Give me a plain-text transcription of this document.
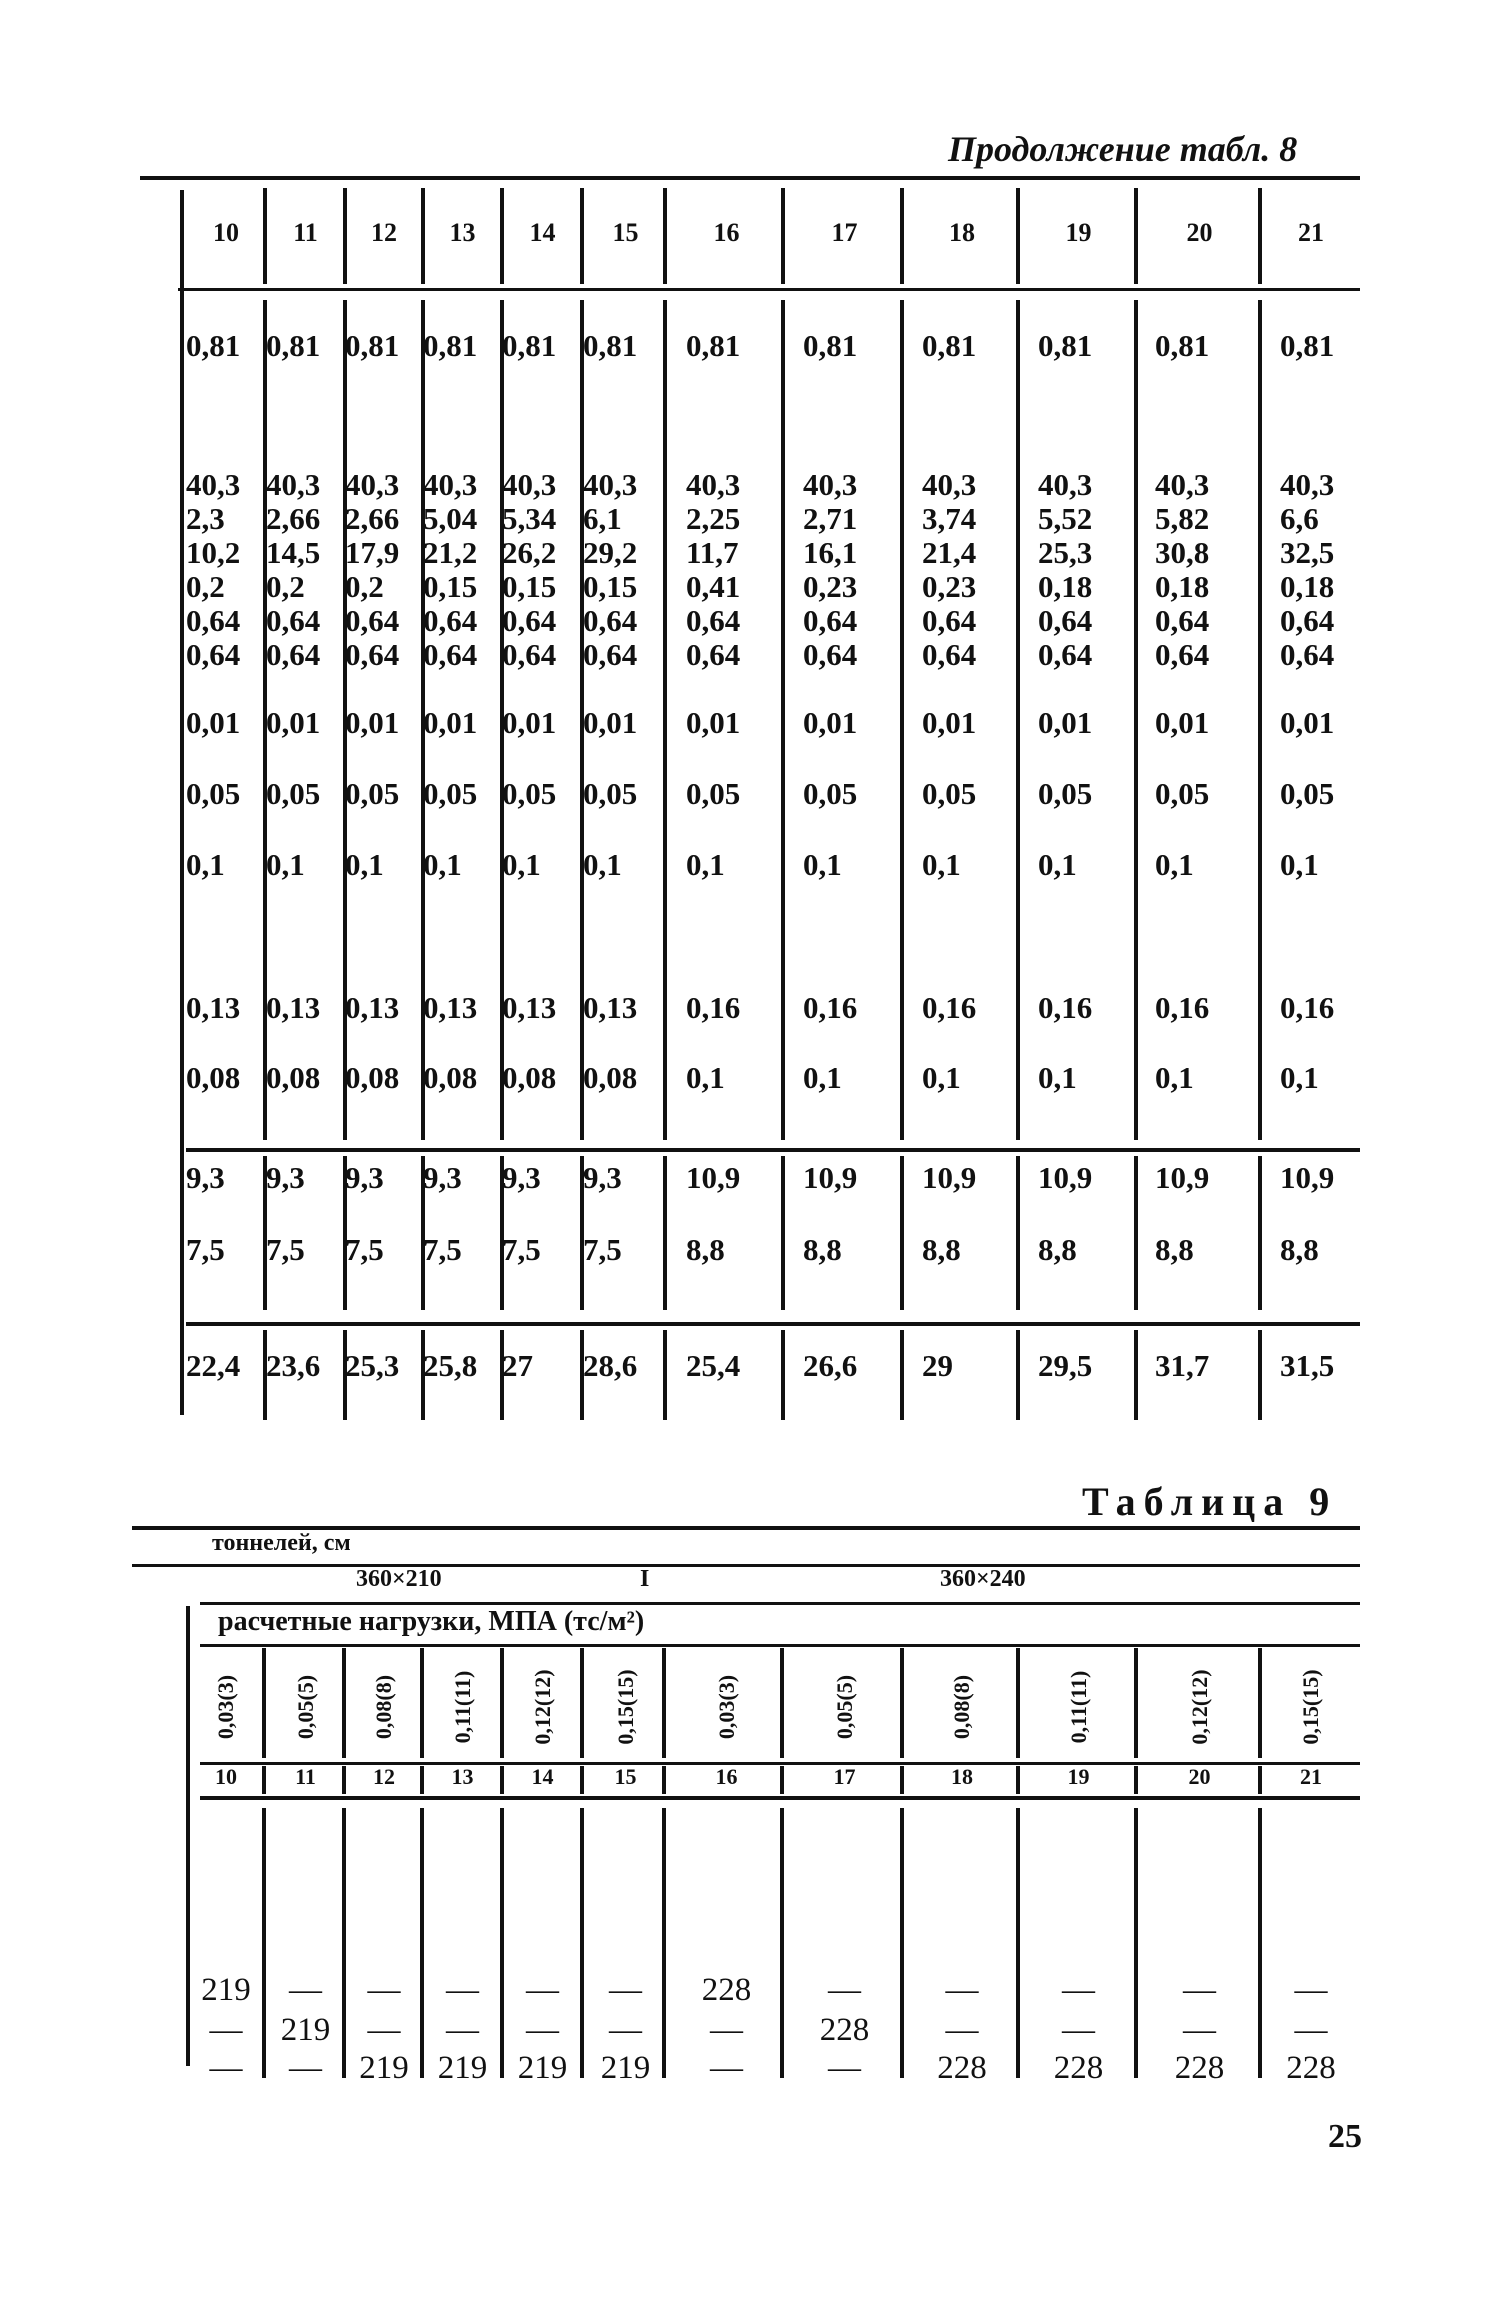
Продолжение табл. 8
Таблица 9
тоннелей, см
360×210	I	360×240
расчетные нагрузки, МПА (тс/м²)
25
10	11	12	13	14	15	16	17	18	19	20	21
0,81 0,81 0,81 0,81 0,81 0,81 0,81 0,81 0,81 0,81 0,81 0,81
40,3 40,3 40,3 40,3 40,3 40,3 40,3 40,3 40,3 40,3 40,3 40,3
2,3 2,66 2,66 5,04 5,34 6,1 2,25 2,71 3,74 5,52 5,82 6,6
10,2 14,5 17,9 21,2 26,2 29,2 11,7 16,1 21,4 25,3 30,8 32,5
0,2 0,2 0,2 0,15 0,15 0,15 0,41 0,23 0,23 0,18 0,18 0,18
0,64 0,64 0,64 0,64 0,64 0,64 0,64 0,64 0,64 0,64 0,64 0,64
0,64 0,64 0,64 0,64 0,64 0,64 0,64 0,64 0,64 0,64 0,64 0,64
0,01 0,01 0,01 0,01 0,01 0,01 0,01 0,01 0,01 0,01 0,01 0,01
0,05 0,05 0,05 0,05 0,05 0,05 0,05 0,05 0,05 0,05 0,05 0,05
0,1 0,1 0,1 0,1 0,1 0,1 0,1	0,1	0,1 0,1	0,1	0,1
0,13 0,13 0,13 0,13 0,13 0,13 0,16 0,16 0,16 0,16 0,16 0,16
0,08 0,08 0,08 0,08 0,08 0,08 0,1	0,1	0,1 0,1	0,1	0,1
9,3 9,3 9,3 9,3 9,3 9,3 10,9 10,9 10,9 10,9 10,9 10,9
7,5 7,5 7,5 7,5 7,5 7,5 8,8	8,8	8,8 8,8	8,8	8,8
22,4 23,6 25,3 25,8 27 28,6 25,4 26,6 29	29,5 31,7 31,5
0,03(3) 0,05(5) 0,08(8) 0,11(11)	0,12(12)	0,15(15)	0,03(3)	0,05(5)	0,08(8)	0,11(11)	0,12(12)	0,15(15)
10	11	12	13	14	15	16	17	18	19	20	21
219	—	—	—	—	—	228	—	—	—	—	—
—	219	—	—	—	—	—	228	—	—	—	—
—	—	219 219 219	219	—	—	228	228	228	228
